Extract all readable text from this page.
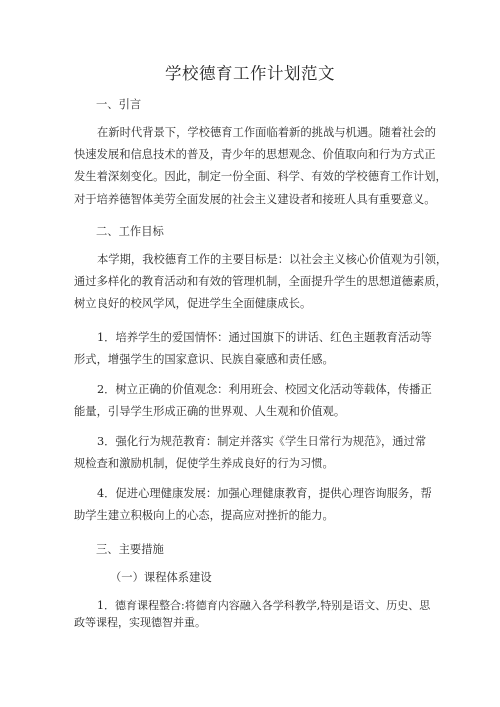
学校德育工作计划范文
一、引言
在新时代背景下，学校德育工作面临着新的挑战与机遇。随着社会的
快速发展和信息技术的普及，青少年的思想观念、价值取向和行为方式正
发生着深刻变化。因此，制定一份全面、科学、有效的学校德育工作计划，
对于培养德智体美劳全面发展的社会主义建设者和接班人具有重要意义。
二、工作目标
本学期，我校德育工作的主要目标是：以社会主义核心价值观为引领，
通过多样化的教育活动和有效的管理机制，全面提升学生的思想道德素质，
树立良好的校风学风，促进学生全面健康成长。
1．培养学生的爱国情怀：通过国旗下的讲话、红色主题教育活动等
形式，增强学生的国家意识、民族自豪感和责任感。
2．树立正确的价值观念：利用班会、校园文化活动等载体，传播正
能量，引导学生形成正确的世界观、人生观和价值观。
3．强化行为规范教育：制定并落实《学生日常行为规范》，通过常
规检查和激励机制，促使学生养成良好的行为习惯。
4．促进心理健康发展：加强心理健康教育，提供心理咨询服务，帮
助学生建立积极向上的心态，提高应对挫折的能力。
三、主要措施
（一）课程体系建设
1．德育课程整合:将德育内容融入各学科教学,特别是语文、历史、思
政等课程，实现德智并重。
